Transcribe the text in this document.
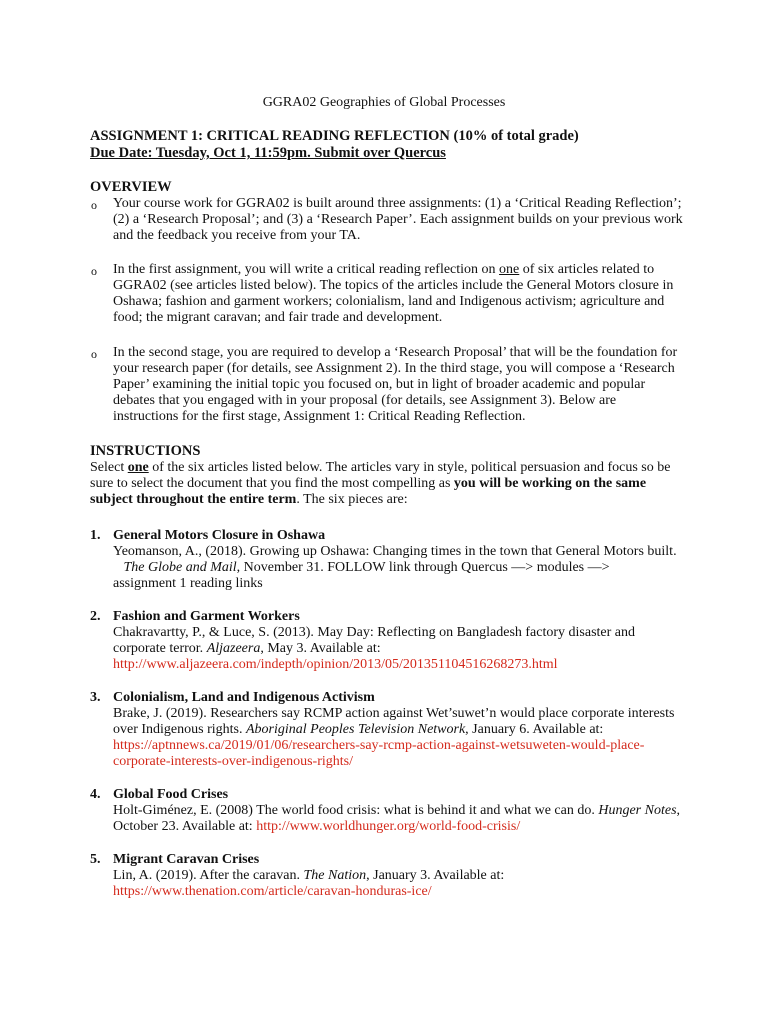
GGRA02 Geographies of Global Processes
ASSIGNMENT 1: CRITICAL READING REFLECTION (10% of total grade)
Due Date: Tuesday, Oct 1, 11:59pm. Submit over Quercus
OVERVIEW
o Your course work for GGRA02 is built around three assignments: (1) a ‘Critical Reading Reflection’;
(2) a ‘Research Proposal’; and (3) a ‘Research Paper’. Each assignment builds on your previous work
and the feedback you receive from your TA.
o In the first assignment, you will write a critical reading reflection on one of six articles related to
GGRA02 (see articles listed below). The topics of the articles include the General Motors closure in
Oshawa; fashion and garment workers; colonialism, land and Indigenous activism; agriculture and
food; the migrant caravan; and fair trade and development.
o In the second stage, you are required to develop a ‘Research Proposal’ that will be the foundation for
your research paper (for details, see Assignment 2). In the third stage, you will compose a ‘Research
Paper’ examining the initial topic you focused on, but in light of broader academic and popular
debates that you engaged with in your proposal (for details, see Assignment 3). Below are
instructions for the first stage, Assignment 1: Critical Reading Reflection.
INSTRUCTIONS
Select one of the six articles listed below. The articles vary in style, political persuasion and focus so be
sure to select the document that you find the most compelling as you will be working on the same
subject throughout the entire term. The six pieces are:
1. General Motors Closure in Oshawa
Yeomanson, A., (2018). Growing up Oshawa: Changing times in the town that General Motors built.
The Globe and Mail, November 31. FOLLOW link through Quercus —> modules —>
assignment 1 reading links
2. Fashion and Garment Workers
Chakravartty, P., & Luce, S. (2013). May Day: Reflecting on Bangladesh factory disaster and
corporate terror. Aljazeera, May 3. Available at:
http://www.aljazeera.com/indepth/opinion/2013/05/201351104516268273.html
3. Colonialism, Land and Indigenous Activism
Brake, J. (2019). Researchers say RCMP action against Wet’suwet’n would place corporate interests
over Indigenous rights. Aboriginal Peoples Television Network, January 6. Available at:
https://aptnnews.ca/2019/01/06/researchers-say-rcmp-action-against-wetsuweten-would-place-
corporate-interests-over-indigenous-rights/
4. Global Food Crises
Holt-Giménez, E. (2008) The world food crisis: what is behind it and what we can do. Hunger Notes,
October 23. Available at: http://www.worldhunger.org/world-food-crisis/
5. Migrant Caravan Crises
Lin, A. (2019). After the caravan. The Nation, January 3. Available at:
https://www.thenation.com/article/caravan-honduras-ice/
